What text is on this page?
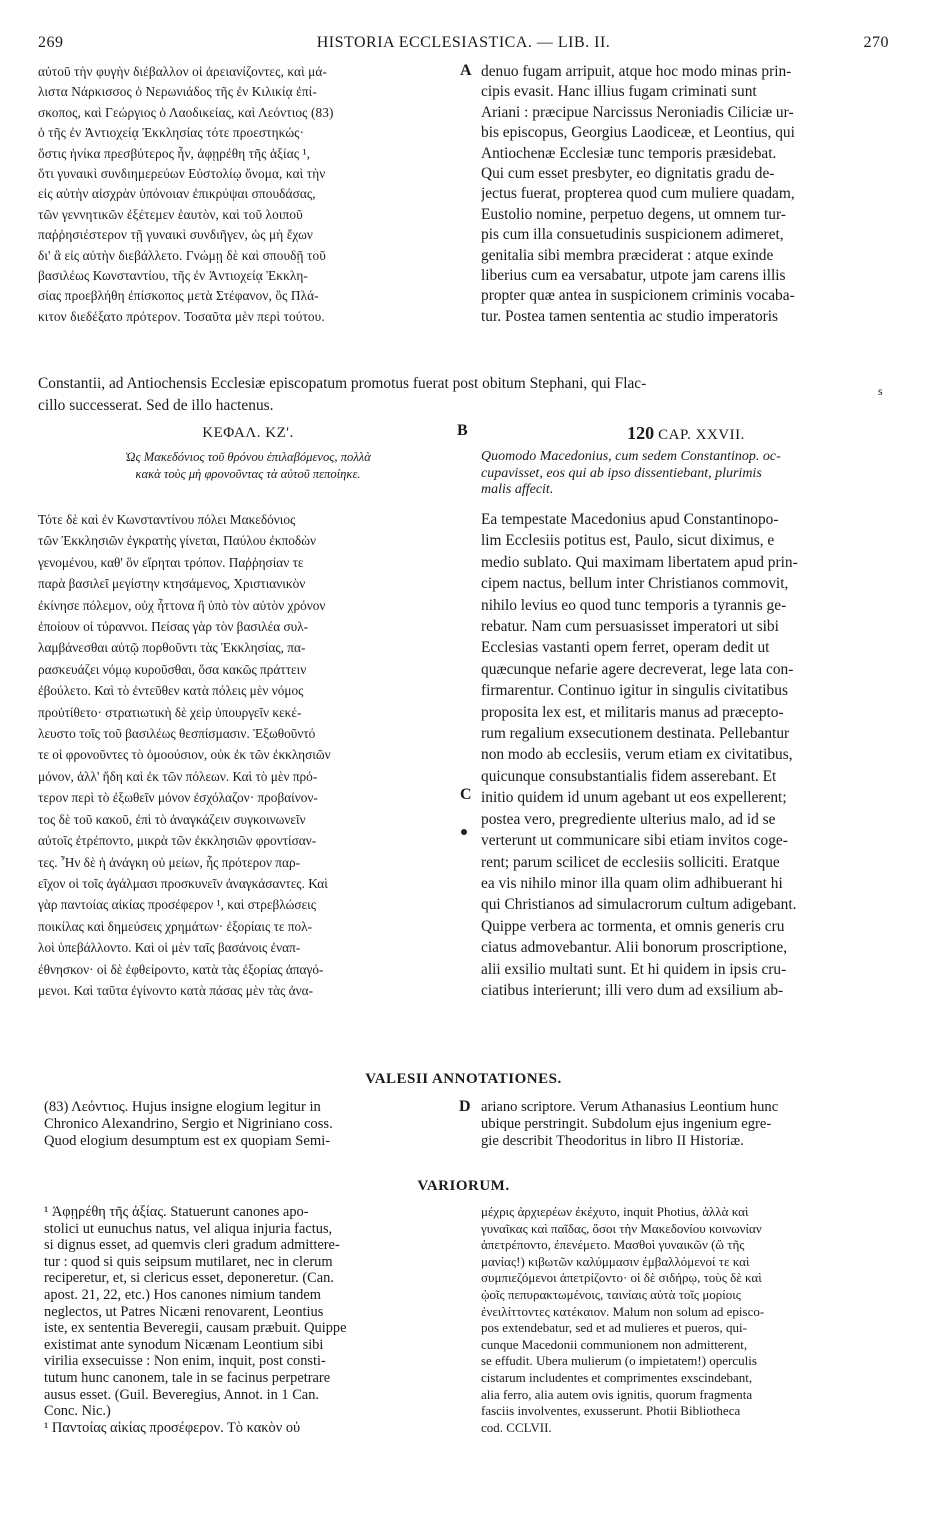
269	HISTORIA ECCLESIASTICA. — LIB. II.	270
αὐτοῦ τὴν φυγὴν διέβαλλον οἱ ἀρειανίζοντες, καὶ μά-
λιστα Νάρκισσος ὁ Νερωνιάδος τῆς ἐν Κιλικίᾳ ἐπί-
σκοπος, καὶ Γεώργιος ὁ Λαοδικείας, καὶ Λεόντιος (83)
ὁ τῆς ἐν Ἀντιοχείᾳ Ἐκκλησίας τότε προεστηκώς·
ὅστις ἡνίκα πρεσβύτερος ἦν, ἀφῃρέθη τῆς ἀξίας ¹,
ὅτι γυναικὶ συνδιημερεύων Εὐστολίῳ ὄνομα, καὶ τὴν
εἰς αὐτὴν αἰσχρὰν ὑπόνοιαν ἐπικρύψαι σπουδάσας,
τῶν γεννητικῶν ἐξέτεμεν ἑαυτὸν, καὶ τοῦ λοιποῦ
παῤῥησιέστερον τῇ γυναικὶ συνδιῆγεν, ὡς μὴ ἔχων
δι' ἃ εἰς αὐτὴν διεβάλλετο. Γνώμῃ δὲ καὶ σπουδῇ τοῦ
βασιλέως Κωνσταντίου, τῆς ἐν Ἀντιοχείᾳ Ἐκκλη-
σίας προεβλήθη ἐπίσκοπος μετὰ Στέφανον, ὃς Πλά-
κιτον διεδέξατο πρότερον. Τοσαῦτα μὲν περὶ τούτου.
A denuo fugam arripuit, atque hoc modo minas prin-
cipis evasit. Hanc illius fugam criminati sunt
Ariani : præcipue Narcissus Neroniadis Ciliciæ ur-
bis episcopus, Georgius Laodiceæ, et Leontius, qui
Antiochenæ Ecclesiæ tunc temporis præsidebat.
Qui cum esset presbyter, eo dignitatis gradu de-
jectus fuerat, propterea quod cum muliere quadam,
Eustolio nomine, perpetuo degens, ut omnem tur-
pis cum illa consuetudinis suspicionem adimeret,
genitalia sibi membra præciderat : atque exinde
liberius cum ea versabatur, utpote jam carens illis
propter quæ antea in suspicionem criminis vocaba-
tur. Postea tamen sententia ac studio imperatoris
Constantii, ad Antiochensis Ecclesiæ episcopatum promotus fuerat post obitum Stephani, qui Flac-
cillo successerat. Sed de illo hactenus.
s
ΚΕΦΑΛ. ΚΖ'.	B	120 CAP. XXVII.
Ὡς Μακεδόνιος τοῦ θρόνου ἐπιλαβόμενος, πολλὰ
κακὰ τοὺς μὴ φρονοῦντας τὰ αὐτοῦ πεποίηκε.
Quomodo Macedonius, cum sedem Constantinop. oc-
cupavisset, eos qui ab ipso dissentiebant, plurimis
malis affecit.
Τότε δὲ καὶ ἐν Κωνσταντίνου πόλει Μακεδόνιος
τῶν Ἐκκλησιῶν ἐγκρατὴς γίνεται, Παύλου ἐκποδὼν
γενομένου, καθ' ὃν εἴρηται τρόπον. Παῤῥησίαν τε
παρὰ βασιλεῖ μεγίστην κτησάμενος, Χριστιανικὸν
ἐκίνησε πόλεμον, οὐχ ἧττονα ἢ ὑπὸ τὸν αὐτὸν χρόνον
ἐποίουν οἱ τύραννοι. Πείσας γὰρ τὸν βασιλέα συλ-
λαμβάνεσθαι αὐτῷ πορθοῦντι τὰς Ἐκκλησίας, πα-
ρασκευάζει νόμῳ κυροῦσθαι, ὅσα κακῶς πράττειν
ἐβούλετο. Καὶ τὸ ἐντεῦθεν κατὰ πόλεις μὲν νόμος
προὐτίθετο· στρατιωτικὴ δὲ χεὶρ ὑπουργεῖν κεκέ-
λευστο τοῖς τοῦ βασιλέως θεσπίσμασιν. Ἐξωθοῦντό
τε οἱ φρονοῦντες τὸ ὁμοούσιον, οὐκ ἐκ τῶν ἐκκλησιῶν
μόνον, ἀλλ' ἤδη καὶ ἐκ τῶν πόλεων. Καὶ τὸ μὲν πρό-
τερον περὶ τὸ ἐξωθεῖν μόνον ἐσχόλαζον· προβαίνον-
τος δὲ τοῦ κακοῦ, ἐπὶ τὸ ἀναγκάζειν συγκοινωνεῖν
αὐτοῖς ἐτρέποντο, μικρὰ τῶν ἐκκλησιῶν φροντίσαν-
τες. Ἦν δὲ ἡ ἀνάγκη οὐ μείων, ἧς πρότερον παρ-
εῖχον οἱ τοῖς ἀγάλμασι προσκυνεῖν ἀναγκάσαντες. Καὶ
γὰρ παντοίας αἰκίας προσέφερον ¹, καὶ στρεβλώσεις
ποικίλας καὶ δημεύσεις χρημάτων· ἐξορίαις τε πολ-
λοὶ ὑπεβάλλοντο. Καὶ οἱ μὲν ταῖς βασάνοις ἐναπ-
έθνησκον· οἱ δὲ ἐφθείροντο, κατὰ τὰς ἐξορίας ἀπαγό-
μενοι. Καὶ ταῦτα ἐγίνοντο κατὰ πάσας μὲν τὰς ἀνα-
C
Ea tempestate Macedonius apud Constantinopo-
lim Ecclesiis potitus est, Paulo, sicut diximus, e
medio sublato. Qui maximam libertatem apud prin-
cipem nactus, bellum inter Christianos commovit,
nihilo levius eo quod tunc temporis a tyrannis ge-
rebatur. Nam cum persuasisset imperatori ut sibi
Ecclesias vastanti opem ferret, operam dedit ut
quæcunque nefarie agere decreverat, lege lata con-
firmarentur. Continuo igitur in singulis civitatibus
proposita lex est, et militaris manus ad præcepto-
rum regalium exsecutionem destinata. Pellebantur
non modo ab ecclesiis, verum etiam ex civitatibus,
quicunque consubstantialis fidem asserebant. Et
initio quidem id unum agebant ut eos expellerent;
postea vero, pregrediente ulterius malo, ad id se
verterunt ut communicare sibi etiam invitos coge-
rent; parum scilicet de ecclesiis solliciti. Eratque
ea vis nihilo minor illa quam olim adhibuerant hi
qui Christianos ad simulacrorum cultum adigebant.
Quippe verbera ac tormenta, et omnis generis cru
ciatus admovebantur. Alii bonorum proscriptione,
alii exsilio multati sunt. Et hi quidem in ipsis cru-
ciatibus interierunt; illi vero dum ad exsilium ab-
VALESII ANNOTATIONES.
(83) Λεόντιος. Hujus insigne elogium legitur in
Chronico Alexandrino, Sergio et Nigriniano coss.
Quod elogium desumptum est ex quopiam Semi-
D ariano scriptore. Verum Athanasius Leontium hunc
ubique perstringit. Subdolum ejus ingenium egre-
gie describit Theodoritus in libro II Historiæ.
VARIORUM.
¹ Ἀφῃρέθη τῆς ἀξίας. Statuerunt canones apo-
stolici ut eunuchus natus, vel aliqua injuria factus,
si dignus esset, ad quemvis cleri gradum admittere-
tur : quod si quis seipsum mutilaret, nec in clerum
reciperetur, et, si clericus esset, deponeretur. (Can.
apost. 21, 22, etc.) Hos canones nimium tandem
neglectos, ut Patres Nicæni renovarent, Leontius
iste, ex sententia Beveregii, causam præbuit. Quippe
existimat ante synodum Nicænam Leontium sibi
virilia exsecuisse : Non enim, inquit, post consti-
tutum hunc canonem, tale in se facinus perpetrare
ausus esset. (Guil. Beveregius, Annot. in 1 Can.
Conc. Nic.)
¹ Παντοίας αἰκίας προσέφερον. Τὸ κακὸν οὐ
μέχρις ἀρχιερέων ἐκέχυτο, inquit Photius, ἀλλὰ καὶ
γυναῖκας καὶ παῖδας, ὅσοι τὴν Μακεδονίου κοινωνίαν
ἀπετρέποντο, ἐπενέμετο. Μασθοὶ γυναικῶν (ὢ τῆς
μανίας!) κιβωτῶν καλύμμασιν ἐμβαλλόμενοί τε καὶ
συμπιεζόμενοι ἀπετρίζοντο· οἱ δὲ σιδήρῳ, τοὺς δὲ καὶ
ᾠοῖς πεπυρακτωμένοις, ταινίαις αὐτὰ τοῖς μορίοις
ἐνειλίττοντες κατέκαιον. Malum non solum ad episco-
pos extendebatur, sed et ad mulieres et pueros, qui-
cunque Macedonii communionem non admitterent,
se effudit. Ubera mulierum (o impietatem!) operculis
cistarum includentes et comprimentes exscindebant,
alia ferro, alia autem ovis ignitis, quorum fragmenta
fasciis involventes, exusserunt. Photii Bibliotheca
cod. CCLVII.
